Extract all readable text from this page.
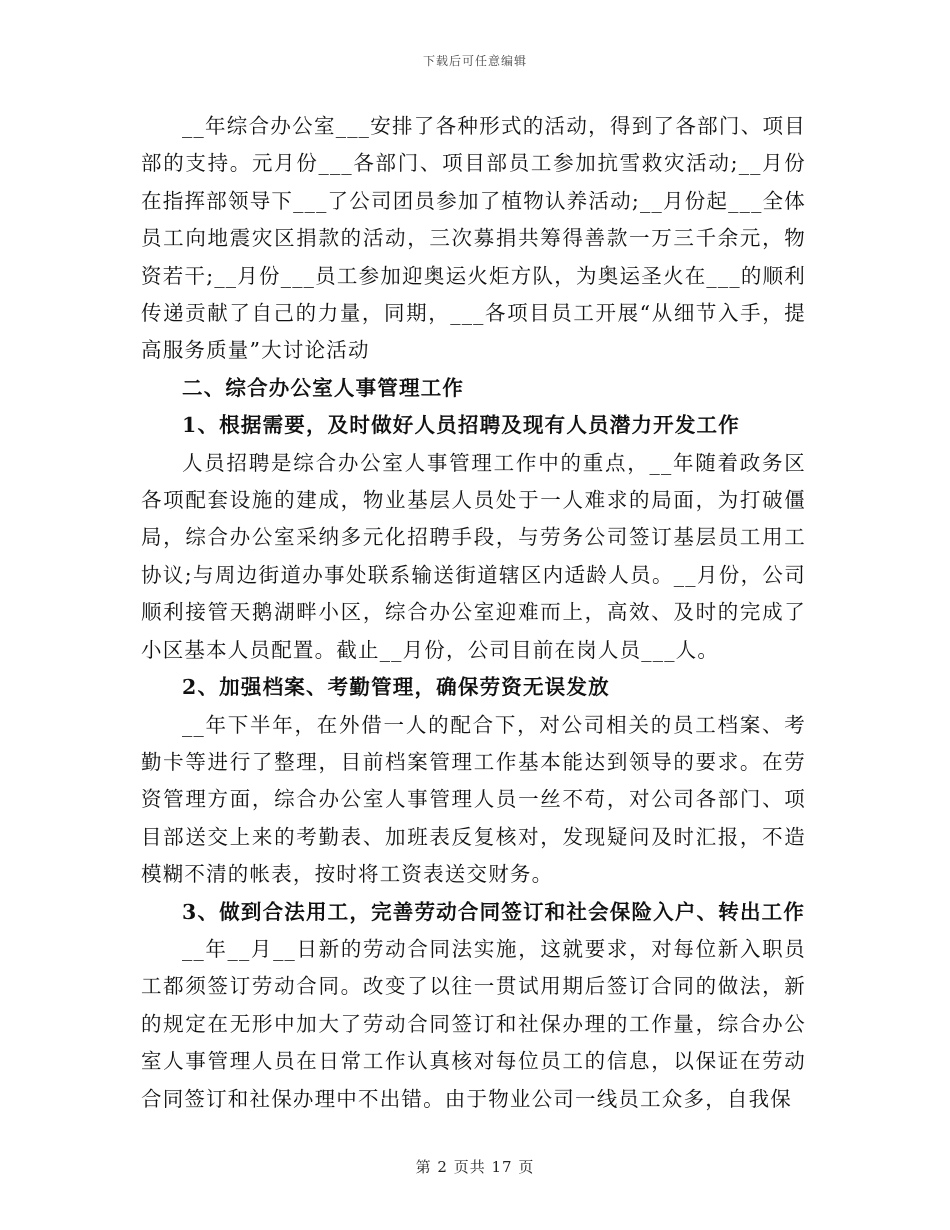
下载后可任意编辑

__年综合办公室___安排了各种形式的活动，得到了各部门、项目部的支持。元月份___各部门、项目部员工参加抗雪救灾活动;__月份在指挥部领导下___了公司团员参加了植物认养活动;__月份起___全体员工向地震灾区捐款的活动，三次募捐共筹得善款一万三千余元，物资若干;__月份___员工参加迎奥运火炬方队，为奥运圣火在___的顺利传递贡献了自己的力量，同期，___各项目员工开展“从细节入手，提高服务质量”大讨论活动

二、综合办公室人事管理工作

1、根据需要，及时做好人员招聘及现有人员潜力开发工作

人员招聘是综合办公室人事管理工作中的重点，__年随着政务区各项配套设施的建成，物业基层人员处于一人难求的局面，为打破僵局，综合办公室采纳多元化招聘手段，与劳务公司签订基层员工用工协议;与周边街道办事处联系输送街道辖区内适龄人员。__月份，公司顺利接管天鹅湖畔小区，综合办公室迎难而上，高效、及时的完成了小区基本人员配置。截止__月份，公司目前在岗人员___人。

2、加强档案、考勤管理，确保劳资无误发放

__年下半年，在外借一人的配合下，对公司相关的员工档案、考勤卡等进行了整理，目前档案管理工作基本能达到领导的要求。在劳资管理方面，综合办公室人事管理人员一丝不苟，对公司各部门、项目部送交上来的考勤表、加班表反复核对，发现疑问及时汇报，不造模糊不清的帐表，按时将工资表送交财务。

3、做到合法用工，完善劳动合同签订和社会保险入户、转出工作

__年__月__日新的劳动合同法实施，这就要求，对每位新入职员工都须签订劳动合同。改变了以往一贯试用期后签订合同的做法，新的规定在无形中加大了劳动合同签订和社保办理的工作量，综合办公室人事管理人员在日常工作认真核对每位员工的信息，以保证在劳动合同签订和社保办理中不出错。由于物业公司一线员工众多，自我保

第 2 页共 17 页
